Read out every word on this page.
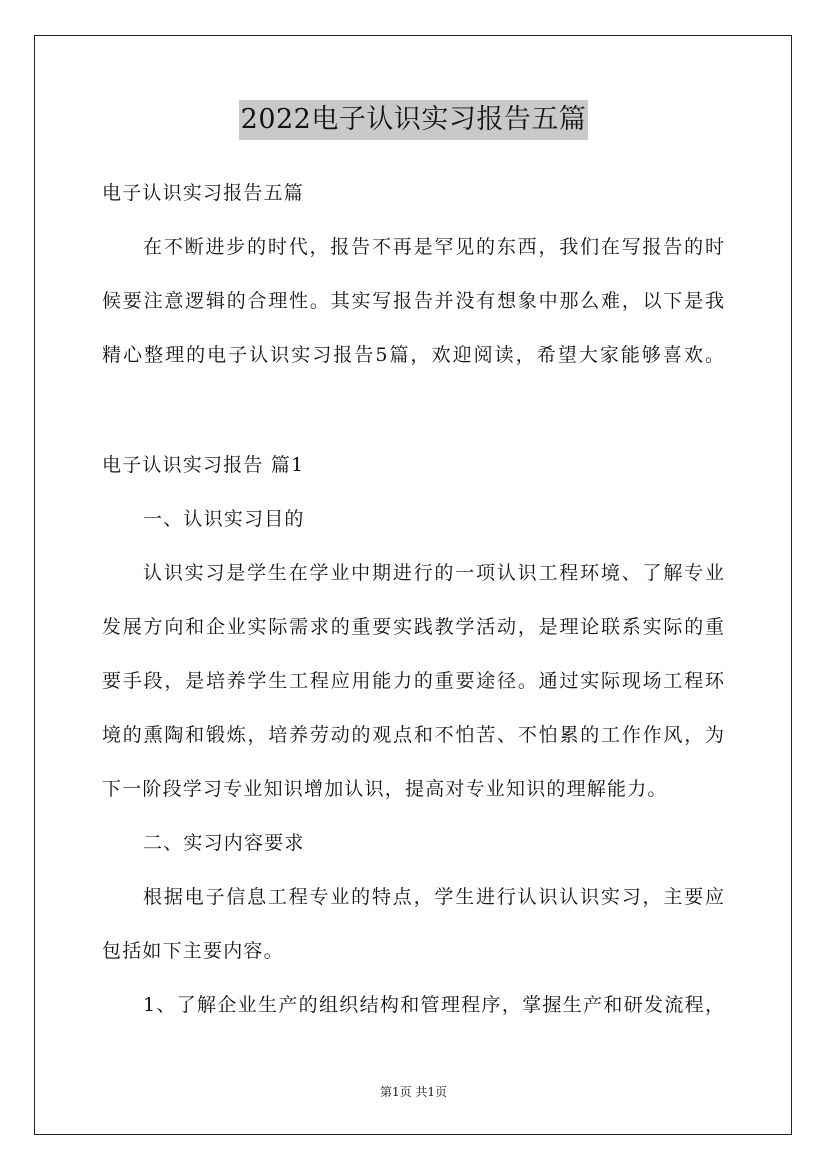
2022电子认识实习报告五篇
电子认识实习报告五篇
在不断进步的时代，报告不再是罕见的东西，我们在写报告的时
候要注意逻辑的合理性。其实写报告并没有想象中那么难，以下是我
精心整理的电子认识实习报告5篇，欢迎阅读，希望大家能够喜欢。
电子认识实习报告 篇1
一、认识实习目的
认识实习是学生在学业中期进行的一项认识工程环境、了解专业
发展方向和企业实际需求的重要实践教学活动，是理论联系实际的重
要手段，是培养学生工程应用能力的重要途径。通过实际现场工程环
境的熏陶和锻炼，培养劳动的观点和不怕苦、不怕累的工作作风，为
下一阶段学习专业知识增加认识，提高对专业知识的理解能力。
二、实习内容要求
根据电子信息工程专业的特点，学生进行认识认识实习，主要应
包括如下主要内容。
1、了解企业生产的组织结构和管理程序，掌握生产和研发流程，
第1页 共1页
